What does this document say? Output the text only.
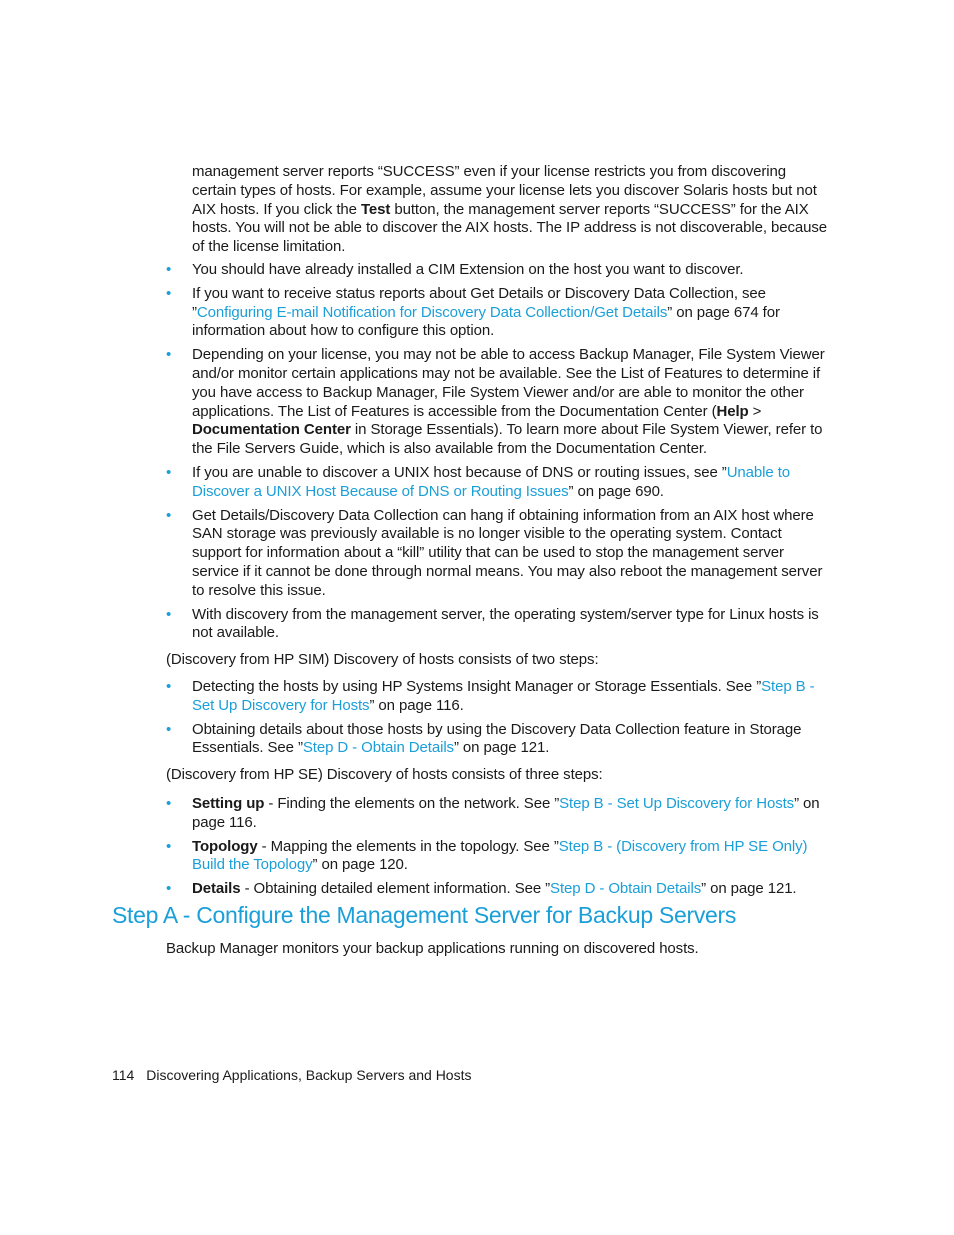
management server reports “SUCCESS” even if your license restricts you from discovering certain types of hosts. For example, assume your license lets you discover Solaris hosts but not AIX hosts. If you click the Test button, the management server reports “SUCCESS” for the AIX hosts. You will not be able to discover the AIX hosts. The IP address is not discoverable, because of the license limitation.

• You should have already installed a CIM Extension on the host you want to discover.
• If you want to receive status reports about Get Details or Discovery Data Collection, see ”Configuring E-mail Notification for Discovery Data Collection/Get Details” on page 674 for information about how to configure this option.
• Depending on your license, you may not be able to access Backup Manager, File System Viewer and/or monitor certain applications may not be available. See the List of Features to determine if you have access to Backup Manager, File System Viewer and/or are able to monitor the other applications. The List of Features is accessible from the Documentation Center (Help > Documentation Center in Storage Essentials). To learn more about File System Viewer, refer to the File Servers Guide, which is also available from the Documentation Center.
• If you are unable to discover a UNIX host because of DNS or routing issues, see ”Unable to Discover a UNIX Host Because of DNS or Routing Issues” on page 690.
• Get Details/Discovery Data Collection can hang if obtaining information from an AIX host where SAN storage was previously available is no longer visible to the operating system. Contact support for information about a “kill” utility that can be used to stop the management server service if it cannot be done through normal means. You may also reboot the management server to resolve this issue.
• With discovery from the management server, the operating system/server type for Linux hosts is not available.

(Discovery from HP SIM) Discovery of hosts consists of two steps:

• Detecting the hosts by using HP Systems Insight Manager or Storage Essentials. See ”Step B - Set Up Discovery for Hosts” on page 116.
• Obtaining details about those hosts by using the Discovery Data Collection feature in Storage Essentials. See ”Step D - Obtain Details” on page 121.

(Discovery from HP SE) Discovery of hosts consists of three steps:

• Setting up - Finding the elements on the network. See ”Step B - Set Up Discovery for Hosts” on page 116.
• Topology - Mapping the elements in the topology. See ”Step B - (Discovery from HP SE Only) Build the Topology” on page 120.
• Details - Obtaining detailed element information. See ”Step D - Obtain Details” on page 121.
Step A - Configure the Management Server for Backup Servers

Backup Manager monitors your backup applications running on discovered hosts.

114 Discovering Applications, Backup Servers and Hosts
